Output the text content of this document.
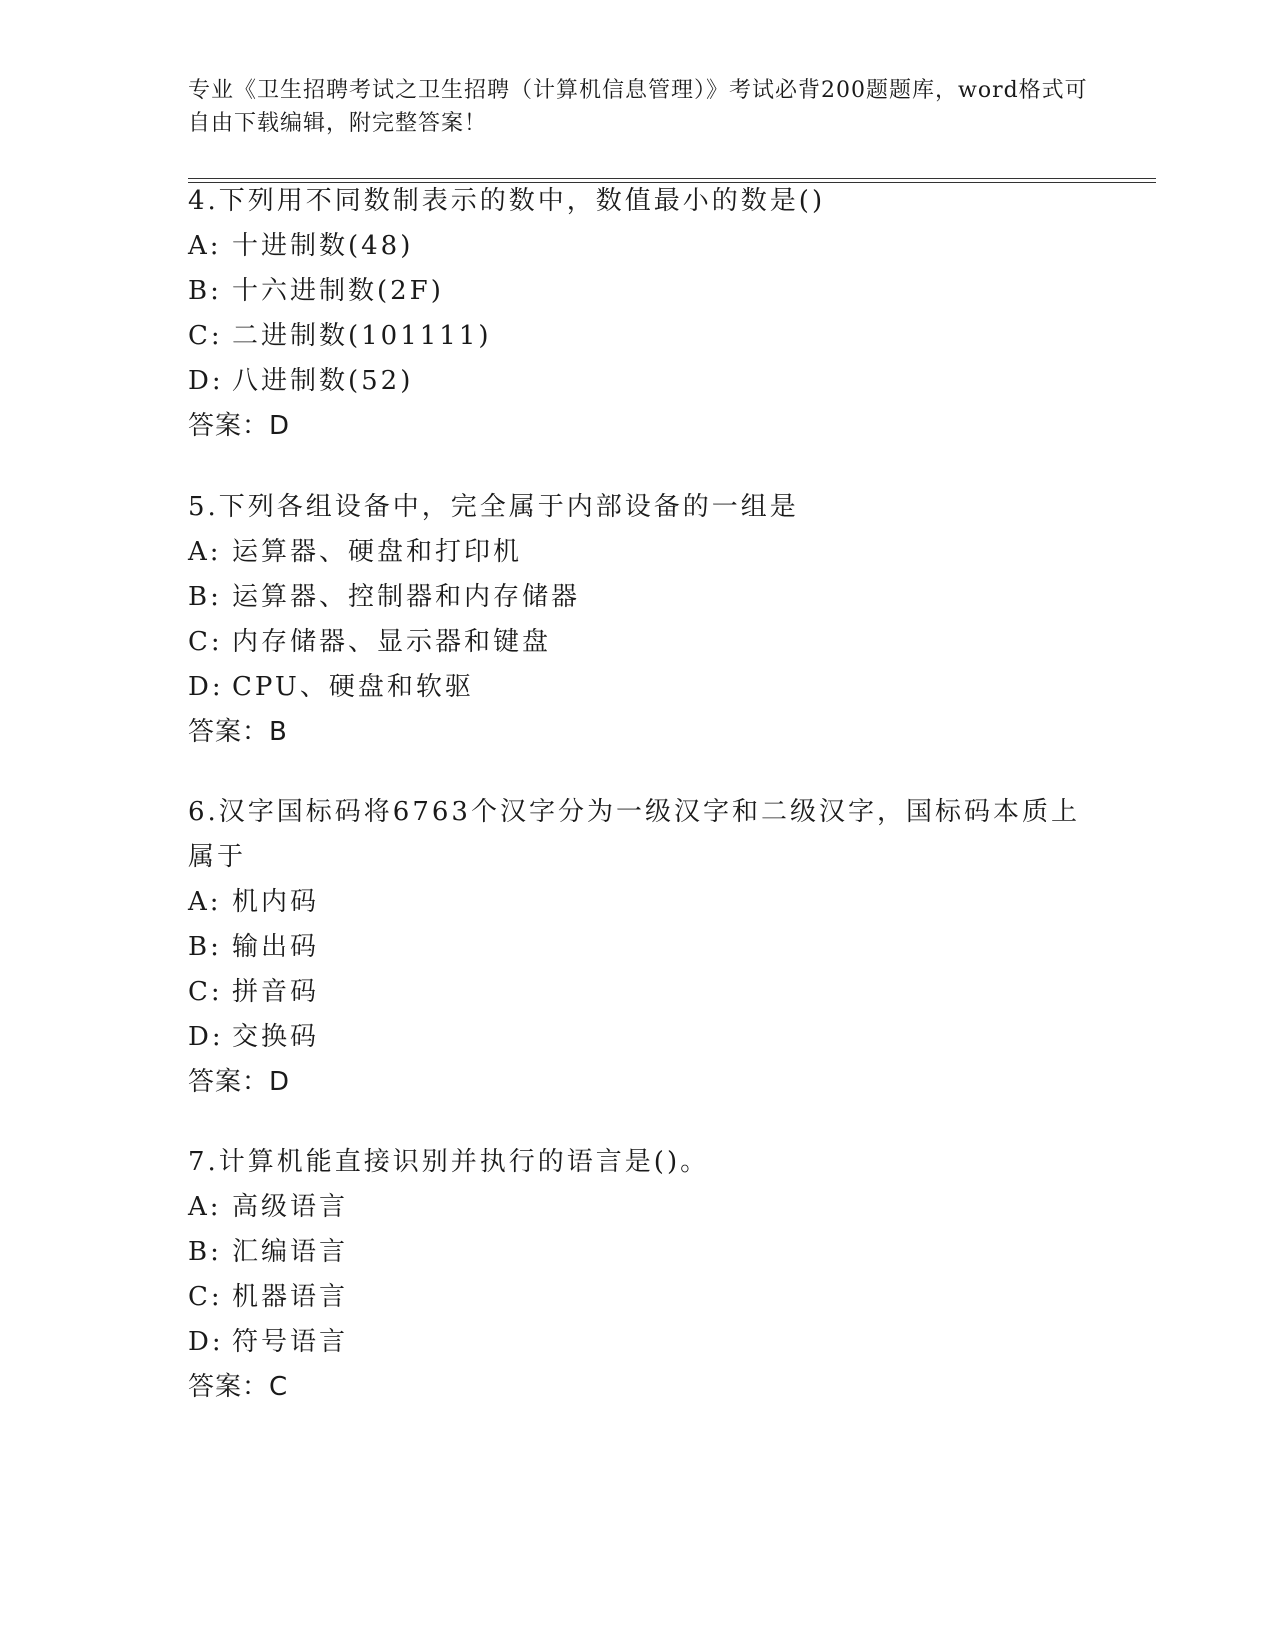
专业《卫生招聘考试之卫生招聘（计算机信息管理）》考试必背200题题库，word格式可自由下载编辑，附完整答案！

4.下列用不同数制表示的数中，数值最小的数是()

A: 十进制数(48)

B: 十六进制数(2F)

C: 二进制数(101111)

D: 八进制数(52)

答案：D

5.下列各组设备中，完全属于内部设备的一组是

A: 运算器、硬盘和打印机

B: 运算器、控制器和内存储器

C: 内存储器、显示器和键盘

D: CPU、硬盘和软驱

答案：B

6.汉字国标码将6763个汉字分为一级汉字和二级汉字，国标码本质上属于

A: 机内码

B: 输出码

C: 拼音码

D: 交换码

答案：D

7.计算机能直接识别并执行的语言是()。

A: 高级语言

B: 汇编语言

C: 机器语言

D: 符号语言

答案：C
